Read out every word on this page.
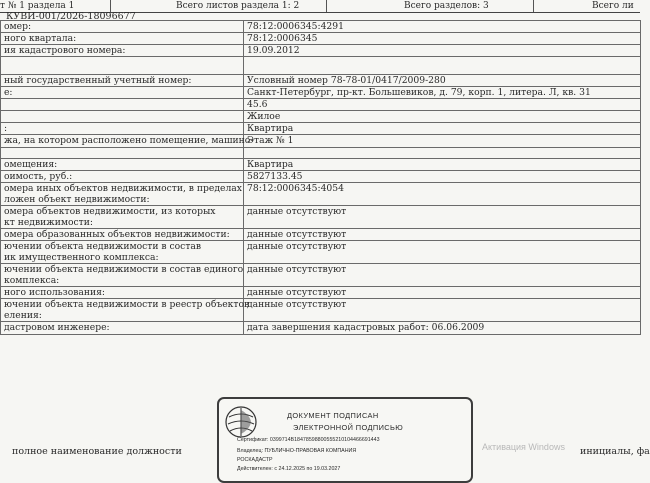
т № 1 раздела 1	Всего листов раздела 1: 2	Всего разделов: 3	Всего ли
КУВИ-001/2026-18096677
омер:	78:12:0006345:4291
ного квартала:	78:12:0006345
ия кадастрового номера:	19.09.2012

ный государственный учетный номер:	Условный номер 78-78-01/0417/2009-280
е:	Санкт-Петербург, пр-кт. Большевиков, д. 79, корп. 1, литера. Л, кв. 31
	45.6
	Жилое
:	Квартира
жа, на котором расположено помещение, машино-	Этаж № 1

омещения:	Квартира
оимость, руб.:	5827133.45
омера иных объектов недвижимости, в пределах
ложен объект недвижимости:	78:12:0006345:4054
омера объектов недвижимости, из которых
кт недвижимости:	данные отсутствуют
омера образованных объектов недвижимости:	данные отсутствуют
ючении объекта недвижимости в состав
ик имущественного комплекса:	данные отсутствуют
ючении объекта недвижимости в состав единого
комплекса:	данные отсутствуют
ного использования:	данные отсутствуют
ючении объекта недвижимости в реестр объектов
еления:	данные отсутствуют
дастровом инженере:	дата завершения кадастровых работ: 06.06.2009
ДОКУМЕНТ ПОДПИСАН
ЭЛЕКТРОННОЙ ПОДПИСЬЮ
Сертификат: 0399714B18478598800555210104466691443
Владелец: ПУБЛИЧНО-ПРАВОВАЯ КОМПАНИЯ
РОСКАДАСТР
Действителен: с 24.12.2025 по 19.03.2027
полное наименование должности	инициалы, фа
Активация Windows
